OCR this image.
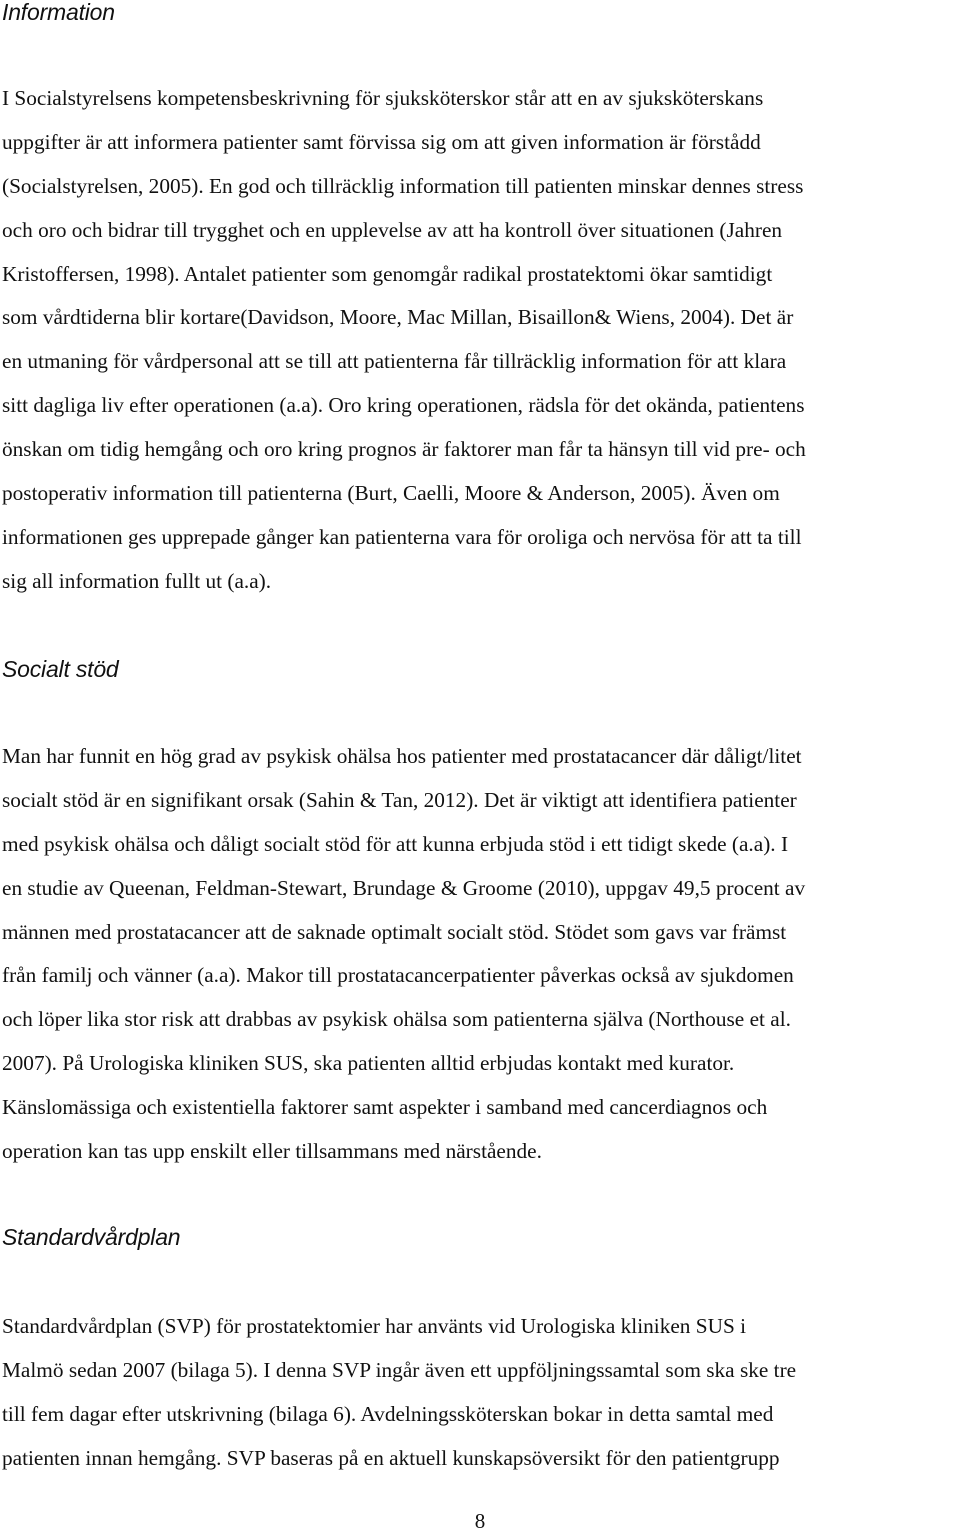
Information

I Socialstyrelsens kompetensbeskrivning för sjuksköterskor står att en av sjuksköterskans
uppgifter är att informera patienter samt förvissa sig om att given information är förstådd
(Socialstyrelsen, 2005). En god och tillräcklig information till patienten minskar dennes stress
och oro och bidrar till trygghet och en upplevelse av att ha kontroll över situationen (Jahren
Kristoffersen, 1998). Antalet patienter som genomgår radikal prostatektomi ökar samtidigt
som vårdtiderna blir kortare(Davidson, Moore, Mac Millan, Bisaillon& Wiens, 2004). Det är
en utmaning för vårdpersonal att se till att patienterna får tillräcklig information för att klara
sitt dagliga liv efter operationen (a.a). Oro kring operationen, rädsla för det okända, patientens
önskan om tidig hemgång och oro kring prognos är faktorer man får ta hänsyn till vid pre- och
postoperativ information till patienterna (Burt, Caelli, Moore & Anderson, 2005). Även om
informationen ges upprepade gånger kan patienterna vara för oroliga och nervösa för att ta till
sig all information fullt ut (a.a).

Socialt stöd

Man har funnit en hög grad av psykisk ohälsa hos patienter med prostatacancer där dåligt/litet
socialt stöd är en signifikant orsak (Sahin & Tan, 2012). Det är viktigt att identifiera patienter
med psykisk ohälsa och dåligt socialt stöd för att kunna erbjuda stöd i ett tidigt skede (a.a). I
en studie av Queenan, Feldman-Stewart, Brundage & Groome (2010), uppgav 49,5 procent av
männen med prostatacancer att de saknade optimalt socialt stöd. Stödet som gavs var främst
från familj och vänner (a.a). Makor till prostatacancerpatienter påverkas också av sjukdomen
och löper lika stor risk att drabbas av psykisk ohälsa som patienterna själva (Northouse et al.
2007). På Urologiska kliniken SUS, ska patienten alltid erbjudas kontakt med kurator.
Känslomässiga och existentiella faktorer samt aspekter i samband med cancerdiagnos och
operation kan tas upp enskilt eller tillsammans med närstående.

Standardvårdplan

Standardvårdplan (SVP) för prostatektomier har använts vid Urologiska kliniken SUS i
Malmö sedan 2007 (bilaga 5). I denna SVP ingår även ett uppföljningssamtal som ska ske tre
till fem dagar efter utskrivning (bilaga 6). Avdelningssköterskan bokar in detta samtal med
patienten innan hemgång. SVP baseras på en aktuell kunskapsöversikt för den patientgrupp

8
